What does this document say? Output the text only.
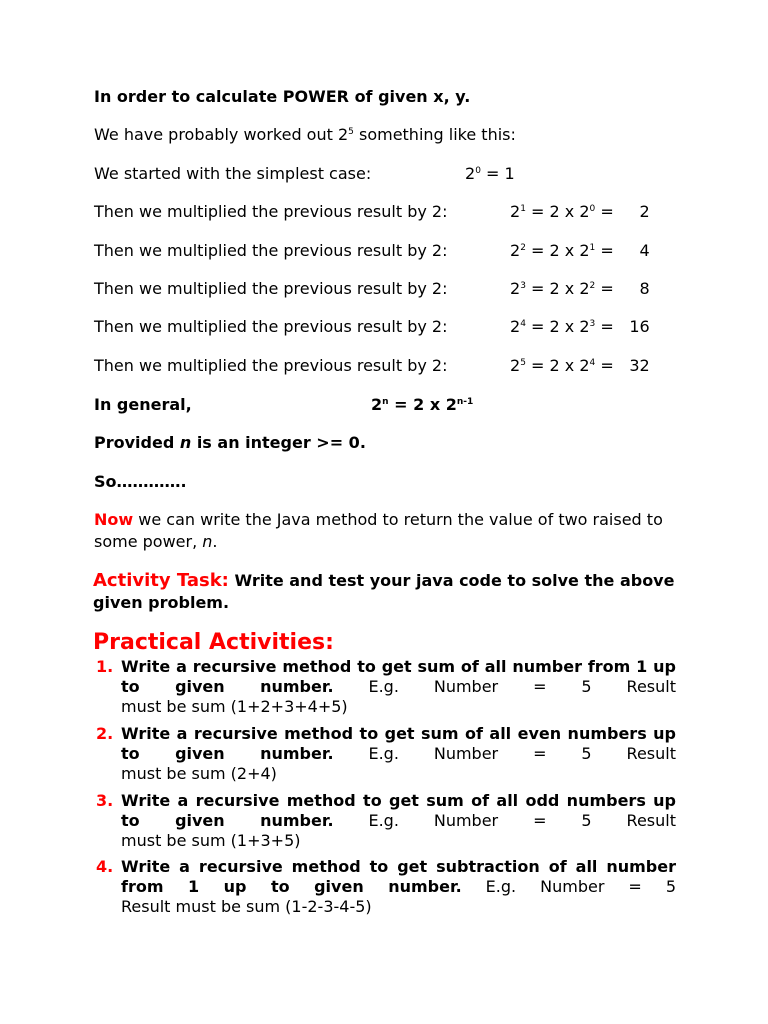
In order to calculate POWER of given x, y.
We have probably worked out $2^5$ something like this:
We started with the simplest case:	$2^0 = 1$
Then we multiplied the previous result by 2:	$2^1 = 2$ x $2^0 = 2$
Then we multiplied the previous result by 2:	$2^2 = 2$ x $2^1 = 4$
Then we multiplied the previous result by 2:	$2^3 = 2$ x $2^2 = 8$
Then we multiplied the previous result by 2:	$2^4 = 2$ x $2^3 = 16$
Then we multiplied the previous result by 2:	$2^5 = 2$ x $2^4 = 32$
In general,	$2^n = 2$ x 2$^{n-1}$
Provided n is an integer >= 0.
So………….
Now we can write the Java method to return the value of two raised to some power, n.
Activity Task: Write and test your java code to solve the above given problem.
Practical Activities:
1. Write a recursive method to get sum of all number from 1 up to given number. E.g. Number = 5 Result
must be sum (1+2+3+4+5)
2. Write a recursive method to get sum of all even numbers up to given number. E.g. Number = 5 Result
must be sum (2+4)
3. Write a recursive method to get sum of all odd numbers up to given number. E.g. Number = 5 Result
must be sum (1+3+5)
4. Write a recursive method to get subtraction of all number from 1 up to given number. E.g. Number = 5
Result must be sum (1-2-3-4-5)
